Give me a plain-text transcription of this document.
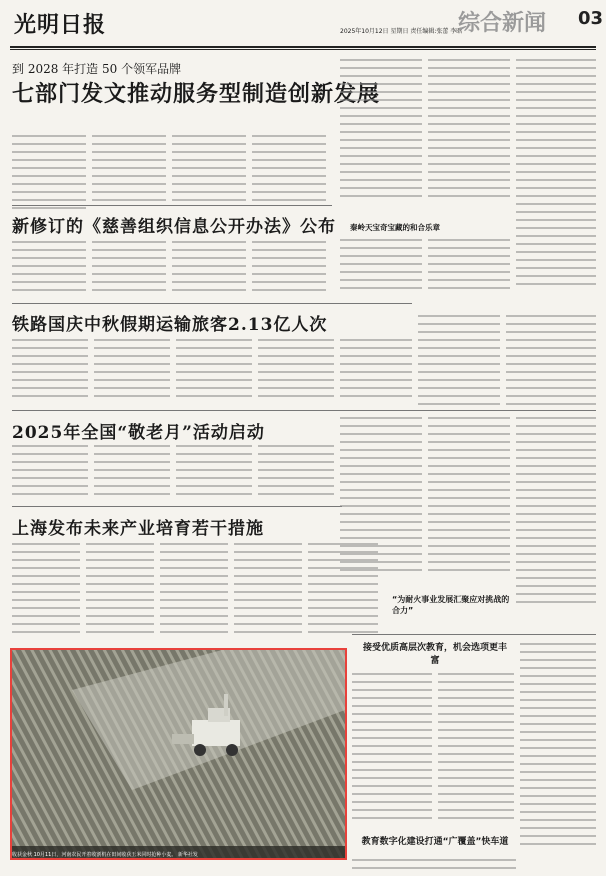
光明日报	2025年10月12日 星期日 责任编辑:张蕾 李晗
综合新闻 03
到 2028 年打造 50 个领军品牌
七部门发文推动服务型制造创新发展
新修订的《慈善组织信息公开办法》公布
铁路国庆中秋假期运输旅客2.13亿人次
2025年全国“敬老月”活动启动
上海发布未来产业培育若干措施
秦岭天宝奇宝藏的和合乐章
“为耐火事业发展汇聚应对挑战的合力”
接受优质高层次教育，机会选项更丰富
教育数字化建设打通“广覆盖”快车道
收获金秋 10月11日，河南农民开着收割机在田间收获玉米同时抢种小麦。 新华社发
